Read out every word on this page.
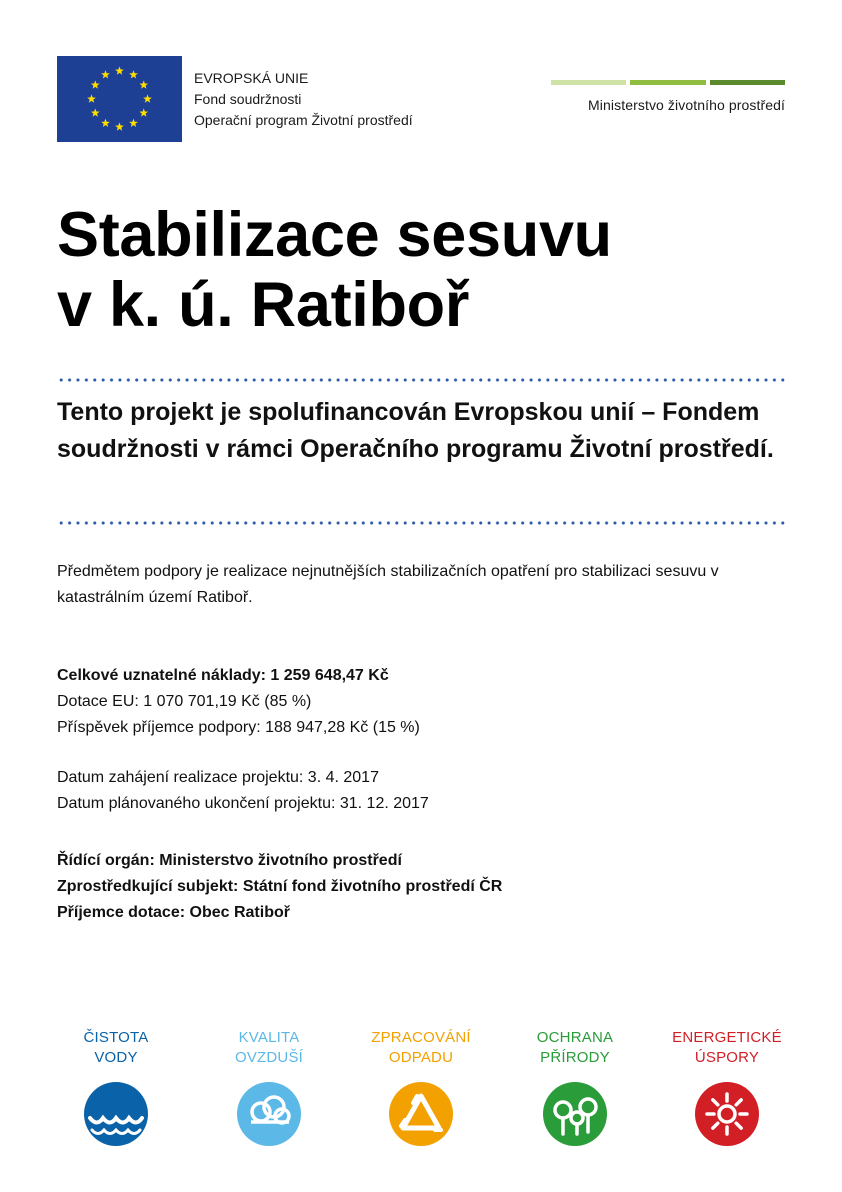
EVROPSKÁ UNIE
Fond soudržnosti
Operační program Životní prostředí
Ministerstvo životního prostředí
Stabilizace sesuvu
v k. ú. Ratiboř

Tento projekt je spolufinancován Evropskou unií – Fondem soudržnosti v rámci Operačního programu Životní prostředí.

Předmětem podpory je realizace nejnutnějších stabilizačních opatření pro stabilizaci sesuvu v katastrálním území Ratiboř.

Celkové uznatelné náklady: 1 259 648,47 Kč
Dotace EU: 1 070 701,19 Kč (85 %)
Příspěvek příjemce podpory: 188 947,28 Kč (15 %)
Datum zahájení realizace projektu: 3. 4. 2017
Datum plánovaného ukončení projektu: 31. 12. 2017
Řídící orgán: Ministerstvo životního prostředí
Zprostředkující subjekt: Státní fond životního prostředí ČR
Příjemce dotace: Obec Ratiboř
ČISTOTA
VODY
KVALITA
OVZDUŠÍ
ZPRACOVÁNÍ
ODPADU
OCHRANA
PŘÍRODY
ENERGETICKÉ
ÚSPORY
